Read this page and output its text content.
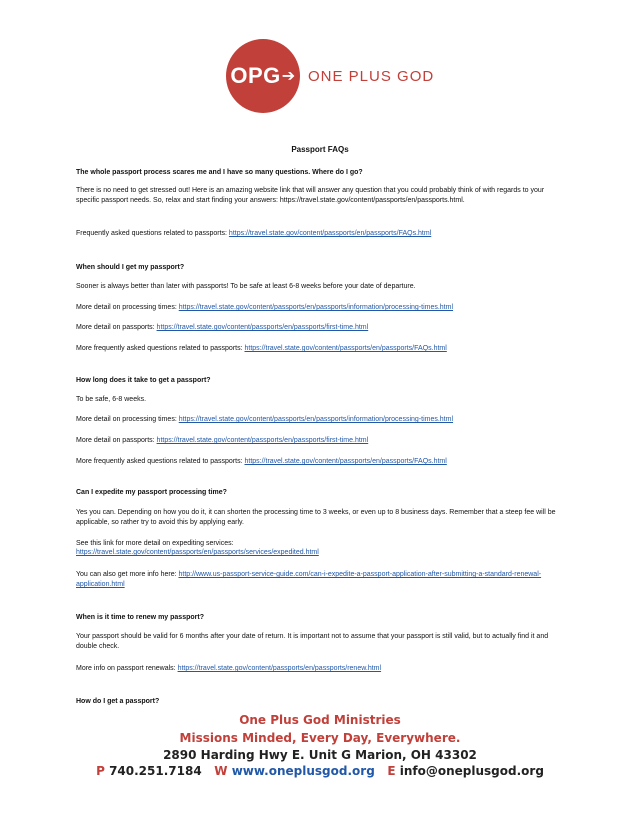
OPG ➔ ONE PLUS GOD
Passport FAQs
The whole passport process scares me and I have so many questions. Where do I go?
There is no need to get stressed out! Here is an amazing website link that will answer any question that you could probably think of with regards to your specific passport needs. So, relax and start finding your answers: https://travel.state.gov/content/passports/en/passports.html.
Frequently asked questions related to passports: https://travel.state.gov/content/passports/en/passports/FAQs.html
When should I get my passport?
Sooner is always better than later with passports! To be safe at least 6-8 weeks before your date of departure.
More detail on processing times: https://travel.state.gov/content/passports/en/passports/information/processing-times.html
More detail on passports: https://travel.state.gov/content/passports/en/passports/first-time.html
More frequently asked questions related to passports: https://travel.state.gov/content/passports/en/passports/FAQs.html
How long does it take to get a passport?
To be safe, 6-8 weeks.
More detail on processing times: https://travel.state.gov/content/passports/en/passports/information/processing-times.html
More detail on passports: https://travel.state.gov/content/passports/en/passports/first-time.html
More frequently asked questions related to passports: https://travel.state.gov/content/passports/en/passports/FAQs.html
Can I expedite my passport processing time?
Yes you can. Depending on how you do it, it can shorten the processing time to 3 weeks, or even up to 8 business days. Remember that a steep fee will be applicable, so rather try to avoid this by applying early.
See this link for more detail on expediting services:
https://travel.state.gov/content/passports/en/passports/services/expedited.html
You can also get more info here: http://www.us-passport-service-guide.com/can-i-expedite-a-passport-application-after-submitting-a-standard-renewal-application.html
When is it time to renew my passport?
Your passport should be valid for 6 months after your date of return. It is important not to assume that your passport is still valid, but to actually find it and double check.
More info on passport renewals: https://travel.state.gov/content/passports/en/passports/renew.html
How do I get a passport?
One Plus God Ministries
Missions Minded, Every Day, Everywhere.
2890 Harding Hwy E. Unit G Marion, OH 43302
P 740.251.7184 W www.oneplusgod.org E info@oneplusgod.org
